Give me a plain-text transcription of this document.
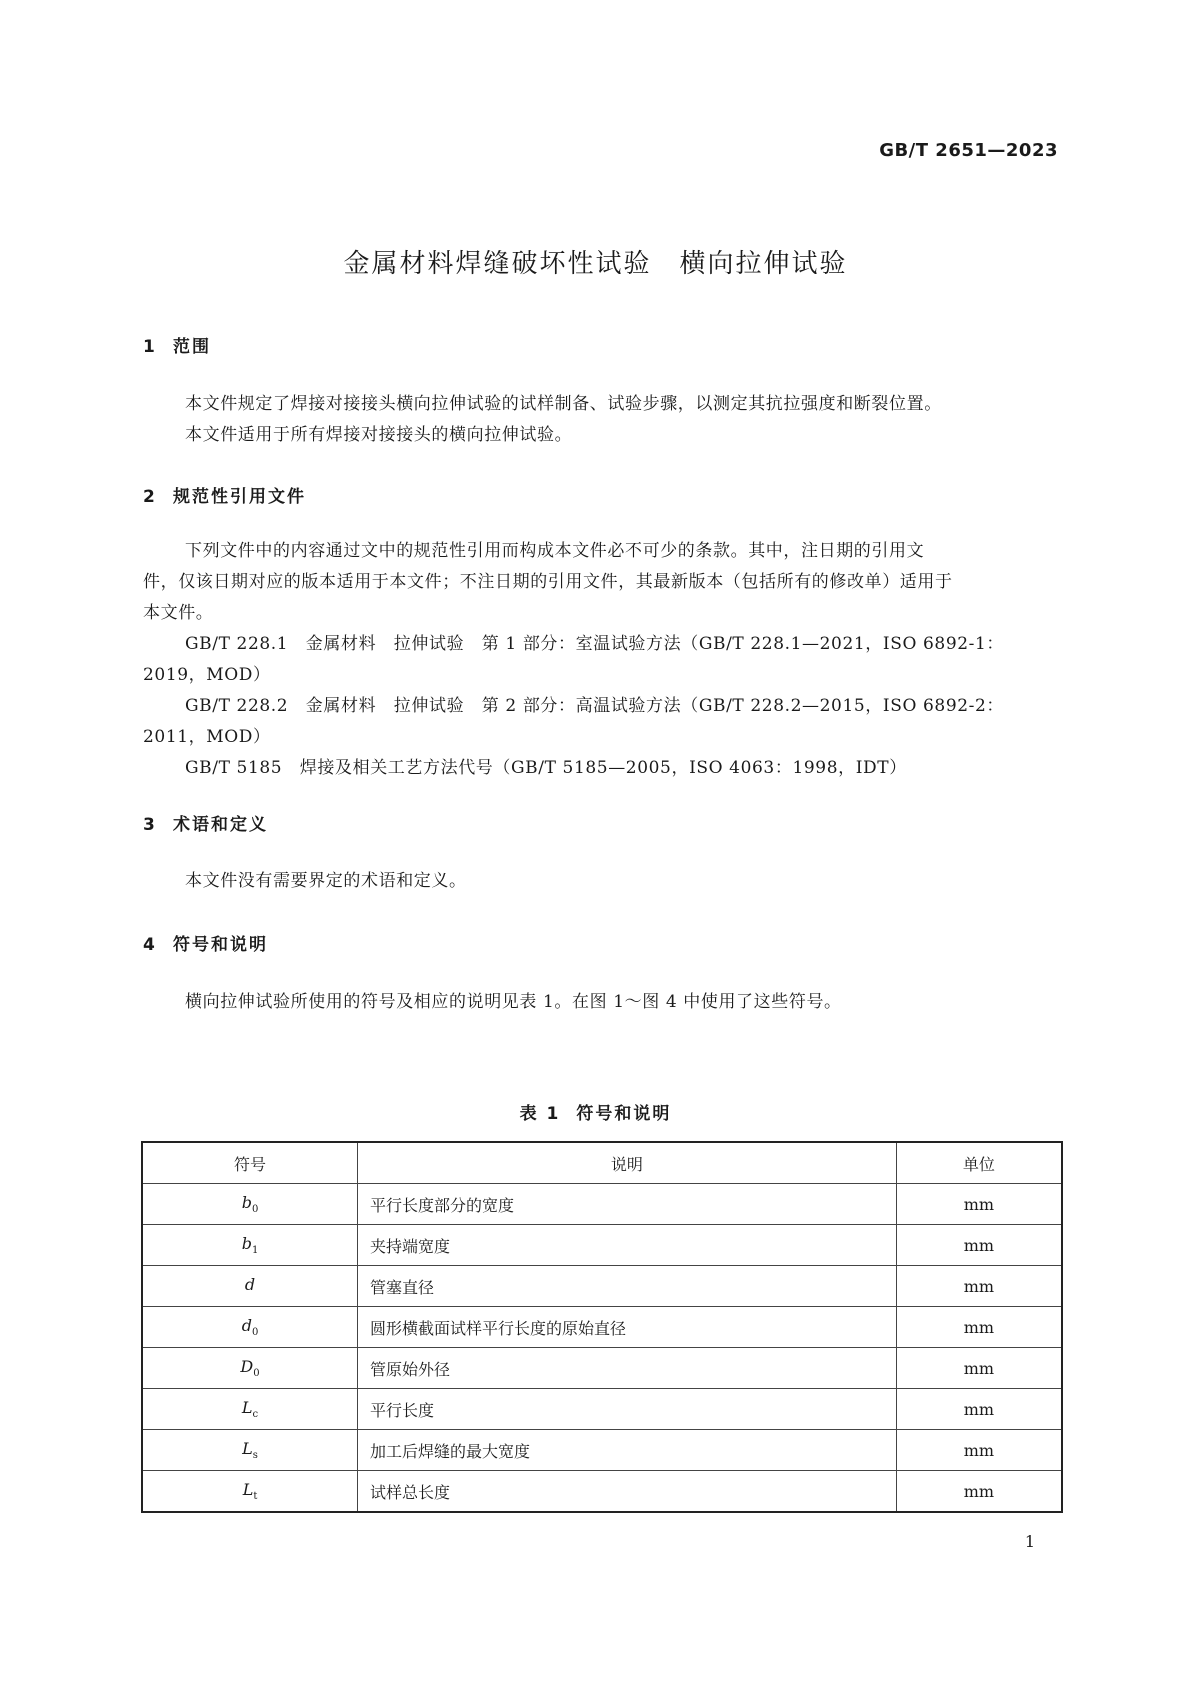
GB/T 2651—2023
金属材料焊缝破坏性试验 横向拉伸试验
1 范围
本文件规定了焊接对接接头横向拉伸试验的试样制备、试验步骤，以测定其抗拉强度和断裂位置。
本文件适用于所有焊接对接接头的横向拉伸试验。
2 规范性引用文件
下列文件中的内容通过文中的规范性引用而构成本文件必不可少的条款。其中，注日期的引用文
件，仅该日期对应的版本适用于本文件；不注日期的引用文件，其最新版本（包括所有的修改单）适用于
本文件。
GB/T 228.1　金属材料　拉伸试验　第 1 部分：室温试验方法（GB/T 228.1—2021，ISO 6892-1：
2019，MOD）
GB/T 228.2　金属材料　拉伸试验　第 2 部分：高温试验方法（GB/T 228.2—2015，ISO 6892-2：
2011，MOD）
GB/T 5185　焊接及相关工艺方法代号（GB/T 5185—2005，ISO 4063：1998，IDT）
3 术语和定义
本文件没有需要界定的术语和定义。
4 符号和说明
横向拉伸试验所使用的符号及相应的说明见表 1。在图 1～图 4 中使用了这些符号。
表 1 符号和说明
符号	说明	单位
$b_0$	平行长度部分的宽度	mm
$b_1$	夹持端宽度	mm
d	管塞直径	mm
$d_0$	圆形横截面试样平行长度的原始直径	mm
$D_0$	管原始外径	mm
$L_c$	平行长度	mm
$L_s$	加工后焊缝的最大宽度	mm
$L_t$	试样总长度	mm
1
